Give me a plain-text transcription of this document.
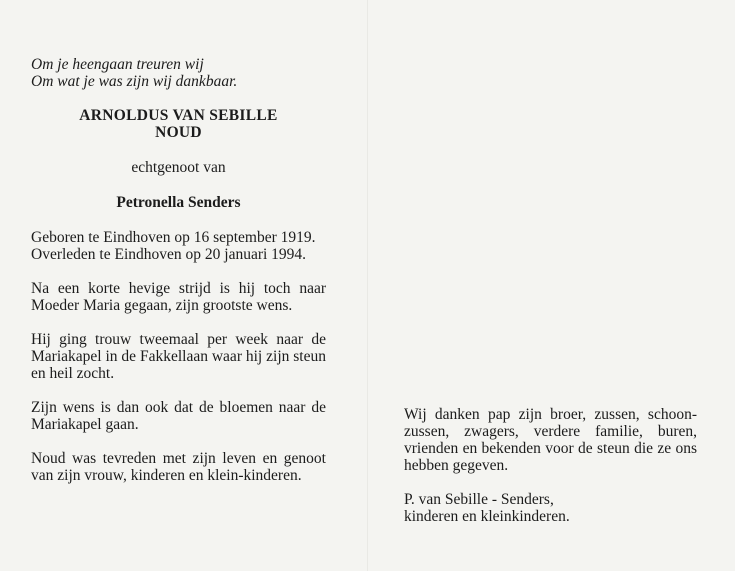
Om je heengaan treuren wij
Om wat je was zijn wij dankbaar.
ARNOLDUS VAN SEBILLE
NOUD
echtgenoot van
Petronella Senders

Geboren te Eindhoven op 16 september 1919.

Overleden te Eindhoven op 20 januari 1994.

Na een korte hevige strijd is hij toch naar Moeder Maria gegaan, zijn grootste wens.

Hij ging trouw tweemaal per week naar de Mariakapel in de Fakkellaan waar hij zijn steun en heil zocht.

Zijn wens is dan ook dat de bloemen naar de Mariakapel gaan.

Noud was tevreden met zijn leven en genoot van zijn vrouw, kinderen en klein-kinderen.

Wij danken pap zijn broer, zussen, schoon-zussen, zwagers, verdere familie, buren, vrienden en bekenden voor de steun die ze ons hebben gegeven.
P. van Sebille - Senders,
kinderen en kleinkinderen.
